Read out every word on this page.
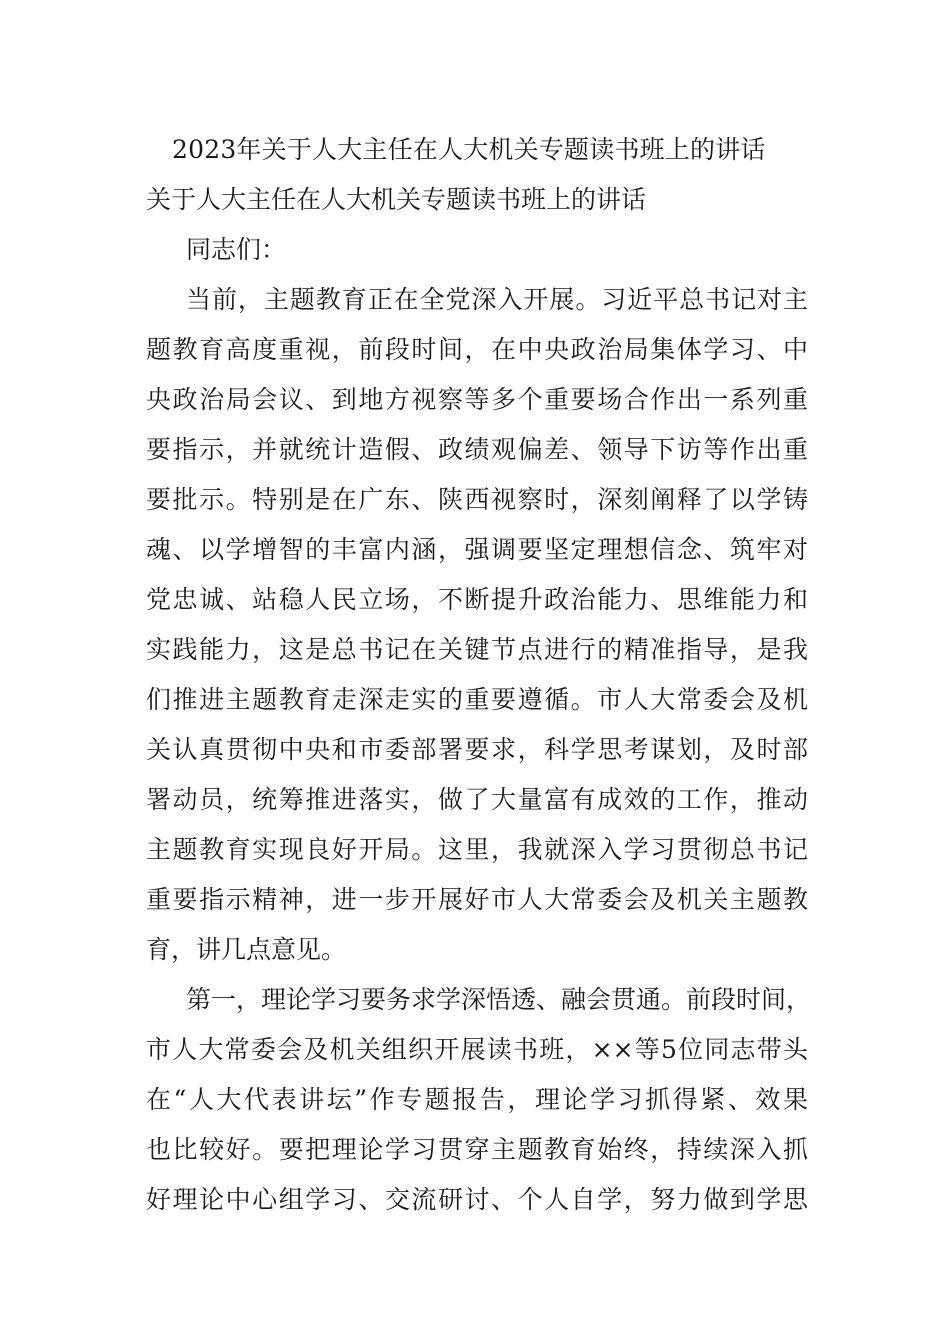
2023年关于人大主任在人大机关专题读书班上的讲话
关于人大主任在人大机关专题读书班上的讲话
同志们：
当前，主题教育正在全党深入开展。习近平总书记对主
题教育高度重视，前段时间，在中央政治局集体学习、中
央政治局会议、到地方视察等多个重要场合作出一系列重
要指示，并就统计造假、政绩观偏差、领导下访等作出重
要批示。特别是在广东、陕西视察时，深刻阐释了以学铸
魂、以学增智的丰富内涵，强调要坚定理想信念、筑牢对
党忠诚、站稳人民立场，不断提升政治能力、思维能力和
实践能力，这是总书记在关键节点进行的精准指导，是我
们推进主题教育走深走实的重要遵循。市人大常委会及机
关认真贯彻中央和市委部署要求，科学思考谋划，及时部
署动员，统筹推进落实，做了大量富有成效的工作，推动
主题教育实现良好开局。这里，我就深入学习贯彻总书记
重要指示精神，进一步开展好市人大常委会及机关主题教
育，讲几点意见。
第一，理论学习要务求学深悟透、融会贯通。前段时间，
市人大常委会及机关组织开展读书班，××等5位同志带头
在“人大代表讲坛”作专题报告，理论学习抓得紧、效果
也比较好。要把理论学习贯穿主题教育始终，持续深入抓
好理论中心组学习、交流研讨、个人自学，努力做到学思
